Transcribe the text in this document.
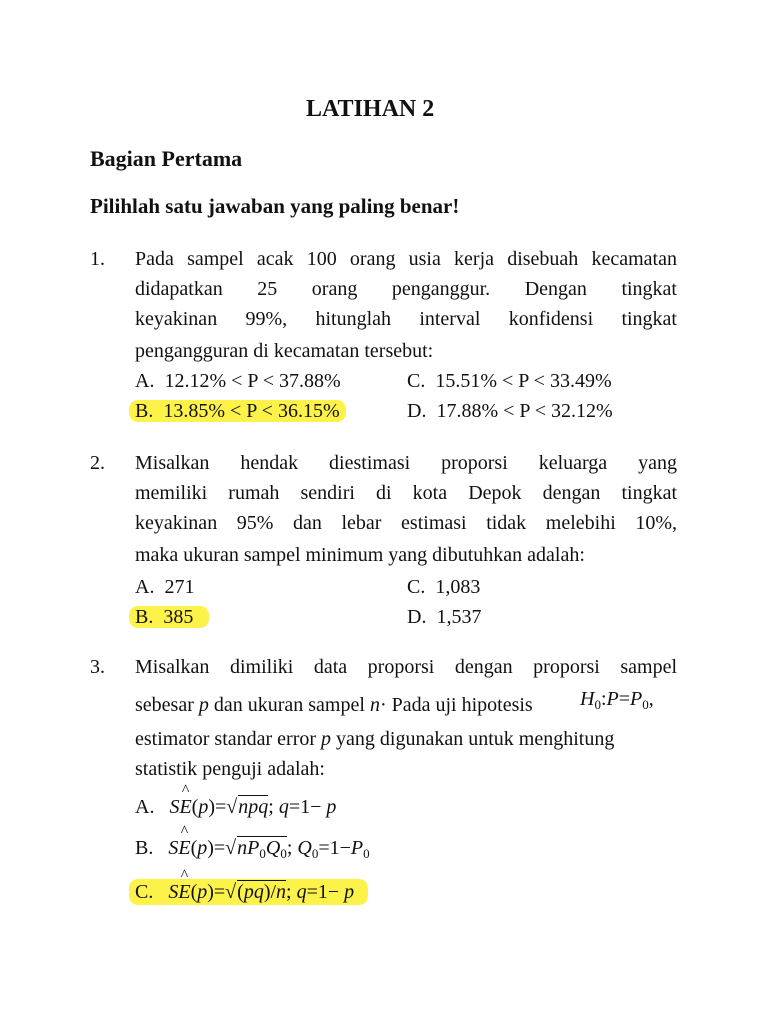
LATIHAN 2
Bagian Pertama
Pilihlah satu jawaban yang paling benar!
1. Pada sampel acak 100 orang usia kerja disebuah kecamatan
didapatkan 25 orang penganggur. Dengan tingkat
keyakinan 99%, hitunglah interval konfidensi tingkat
pengangguran di kecamatan tersebut:
A. 12.12% < P < 37.88%
B. 13.85% < P < 36.15%
C. 15.51% < P < 33.49%
D. 17.88% < P < 32.12%
2. Misalkan hendak diestimasi proporsi keluarga yang
memiliki rumah sendiri di kota Depok dengan tingkat
keyakinan 95% dan lebar estimasi tidak melebihi 10%,
maka ukuran sampel minimum yang dibutuhkan adalah:
A. 271
B. 385
C. 1,083
D. 1,537
3. Misalkan dimiliki data proporsi dengan proporsi sampel
sebesar p dan ukuran sampel n· Pada uji hipotesis $H_0:P=P_0$,
estimator standar error p yang digunakan untuk menghitung
statistik penguji adalah:
A. S^ E(p)=√npq; q=1− p
B. S^ $E(p)=√nP_0Q_0$; $Q_0=1-P_0$
C. S^ E(p)=√(pq)/n; q=1− p
